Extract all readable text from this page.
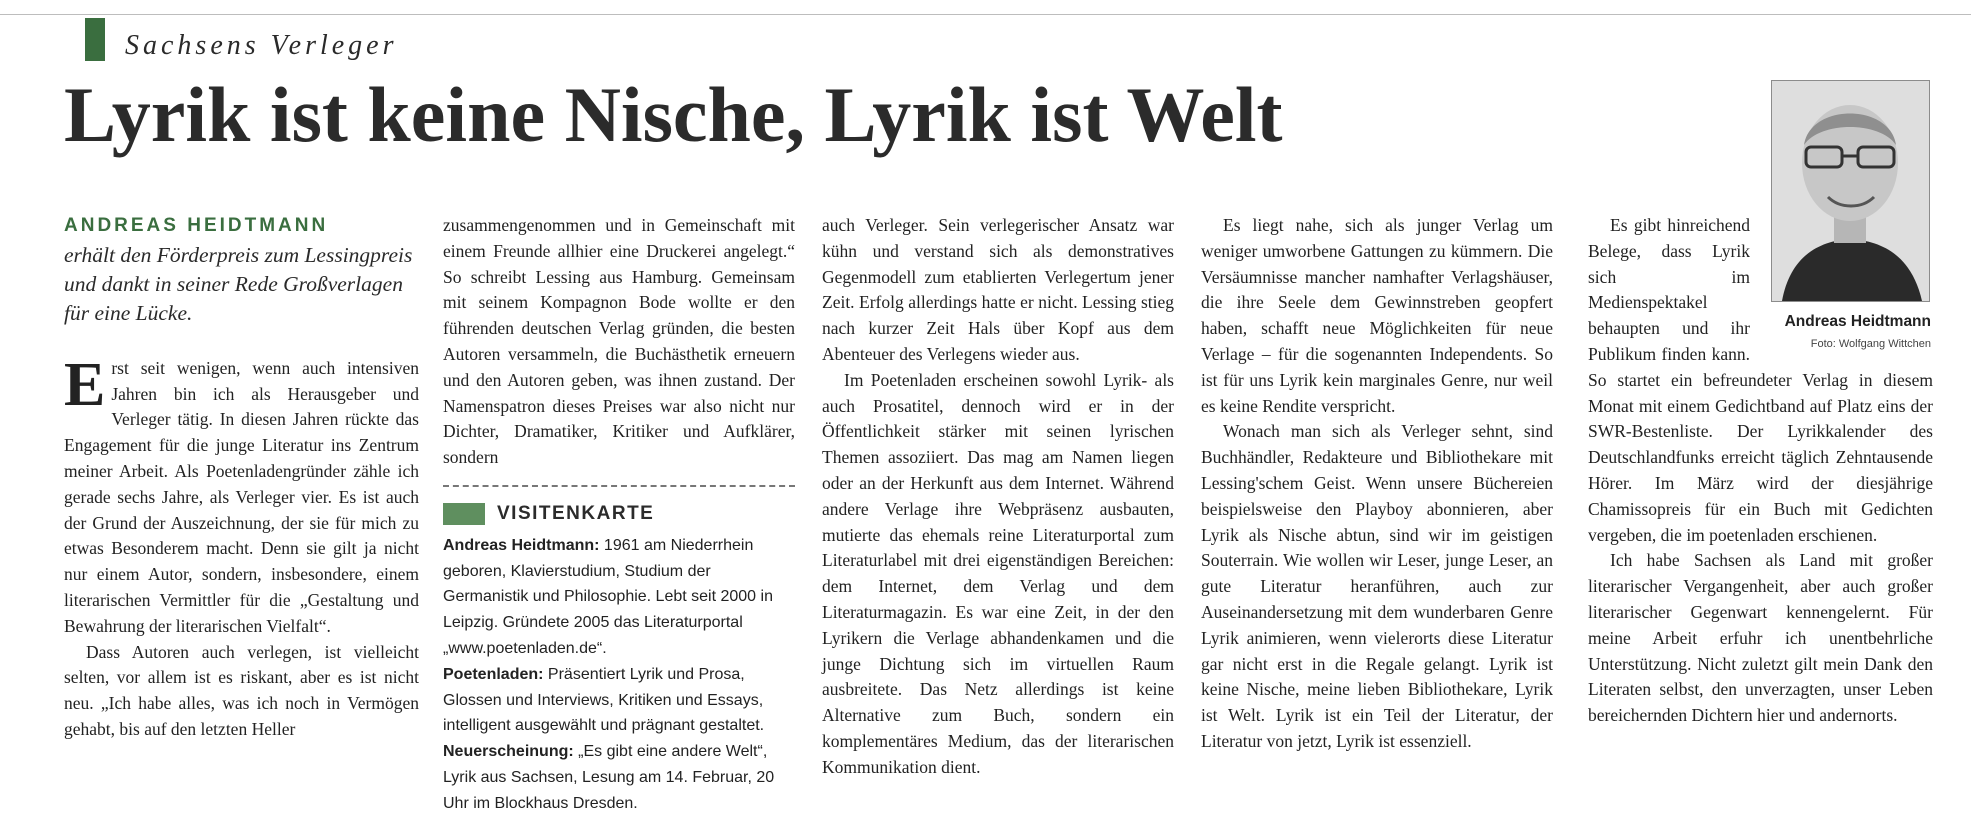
Sachsens Verleger
Lyrik ist keine Nische, Lyrik ist Welt
ANDREAS HEIDTMANN
erhält den Förderpreis zum Lessingpreis und dankt in seiner Rede Großverlagen für eine Lücke.

Erst seit wenigen, wenn auch intensiven Jahren bin ich als Herausgeber und Verleger tätig. In diesen Jahren rückte das Engagement für die junge Literatur ins Zentrum meiner Arbeit. Als Poetenladengründer zähle ich gerade sechs Jahre, als Verleger vier. Es ist auch der Grund der Auszeichnung, der sie für mich zu etwas Besonderem macht. Denn sie gilt ja nicht nur einem Autor, sondern, insbesondere, einem literarischen Vermittler für die „Gestaltung und Bewahrung der literarischen Vielfalt“.

Dass Autoren auch verlegen, ist vielleicht selten, vor allem ist es riskant, aber es ist nicht neu. „Ich habe alles, was ich noch in Vermögen gehabt, bis auf den letzten Heller

zusammengenommen und in Gemeinschaft mit einem Freunde allhier eine Druckerei angelegt.“ So schreibt Lessing aus Hamburg. Gemeinsam mit seinem Kompagnon Bode wollte er den führenden deutschen Verlag gründen, die besten Autoren versammeln, die Buchästhetik erneuern und den Autoren geben, was ihnen zustand. Der Namenspatron dieses Preises war also nicht nur Dichter, Dramatiker, Kritiker und Aufklärer, sondern

VISITENKARTE

Andreas Heidtmann: 1961 am Niederrhein geboren, Klavierstudium, Studium der Germanistik und Philosophie. Lebt seit 2000 in Leipzig. Gründete 2005 das Literaturportal „www.poetenladen.de“.

Poetenladen: Präsentiert Lyrik und Prosa, Glossen und Interviews, Kritiken und Essays, intelligent ausgewählt und prägnant gestaltet.

Neuerscheinung: „Es gibt eine andere Welt“, Lyrik aus Sachsen, Lesung am 14. Februar, 20 Uhr im Blockhaus Dresden.

auch Verleger. Sein verlegerischer Ansatz war kühn und verstand sich als demonstratives Gegenmodell zum etablierten Verlegertum jener Zeit. Erfolg allerdings hatte er nicht. Lessing stieg nach kurzer Zeit Hals über Kopf aus dem Abenteuer des Verlegens wieder aus.

Im Poetenladen erscheinen sowohl Lyrik- als auch Prosatitel, dennoch wird er in der Öffentlichkeit stärker mit seinen lyrischen Themen assoziiert. Das mag am Namen liegen oder an der Herkunft aus dem Internet. Während andere Verlage ihre Webpräsenz ausbauten, mutierte das ehemals reine Literaturportal zum Literaturlabel mit drei eigenständigen Bereichen: dem Internet, dem Verlag und dem Literaturmagazin. Es war eine Zeit, in der den Lyrikern die Verlage abhandenkamen und die junge Dichtung sich im virtuellen Raum ausbreitete. Das Netz allerdings ist keine Alternative zum Buch, sondern ein komplementäres Medium, das der literarischen Kommunikation dient.

Es liegt nahe, sich als junger Verlag um weniger umworbene Gattungen zu kümmern. Die Versäumnisse mancher namhafter Verlagshäuser, die ihre Seele dem Gewinnstreben geopfert haben, schafft neue Möglichkeiten für neue Verlage – für die sogenannten Independents. So ist für uns Lyrik kein marginales Genre, nur weil es keine Rendite verspricht.

Wonach man sich als Verleger sehnt, sind Buchhändler, Redakteure und Bibliothekare mit Lessing'schem Geist. Wenn unsere Büchereien beispielsweise den Playboy abonnieren, aber Lyrik als Nische abtun, sind wir im geistigen Souterrain. Wie wollen wir Leser, junge Leser, an gute Literatur heranführen, auch zur Auseinandersetzung mit dem wunderbaren Genre Lyrik animieren, wenn vielerorts diese Literatur gar nicht erst in die Regale gelangt. Lyrik ist keine Nische, meine lieben Bibliothekare, Lyrik ist Welt. Lyrik ist ein Teil der Literatur, der Literatur von jetzt, Lyrik ist essenziell.

Andreas Heidtmann
Foto: Wolfgang Wittchen

Es gibt hinreichend Belege, dass Lyrik sich im Medienspektakel behaupten und ihr Publikum finden kann. So startet ein befreundeter Verlag in diesem Monat mit einem Gedichtband auf Platz eins der SWR-Bestenliste. Der Lyrikkalender des Deutschlandfunks erreicht täglich Zehntausende Hörer. Im März wird der diesjährige Chamissopreis für ein Buch mit Gedichten vergeben, die im poetenladen erschienen.

Ich habe Sachsen als Land mit großer literarischer Vergangenheit, aber auch großer literarischer Gegenwart kennengelernt. Für meine Arbeit erfuhr ich unentbehrliche Unterstützung. Nicht zuletzt gilt mein Dank den Literaten selbst, den unverzagten, unser Leben bereichernden Dichtern hier und andernorts.
